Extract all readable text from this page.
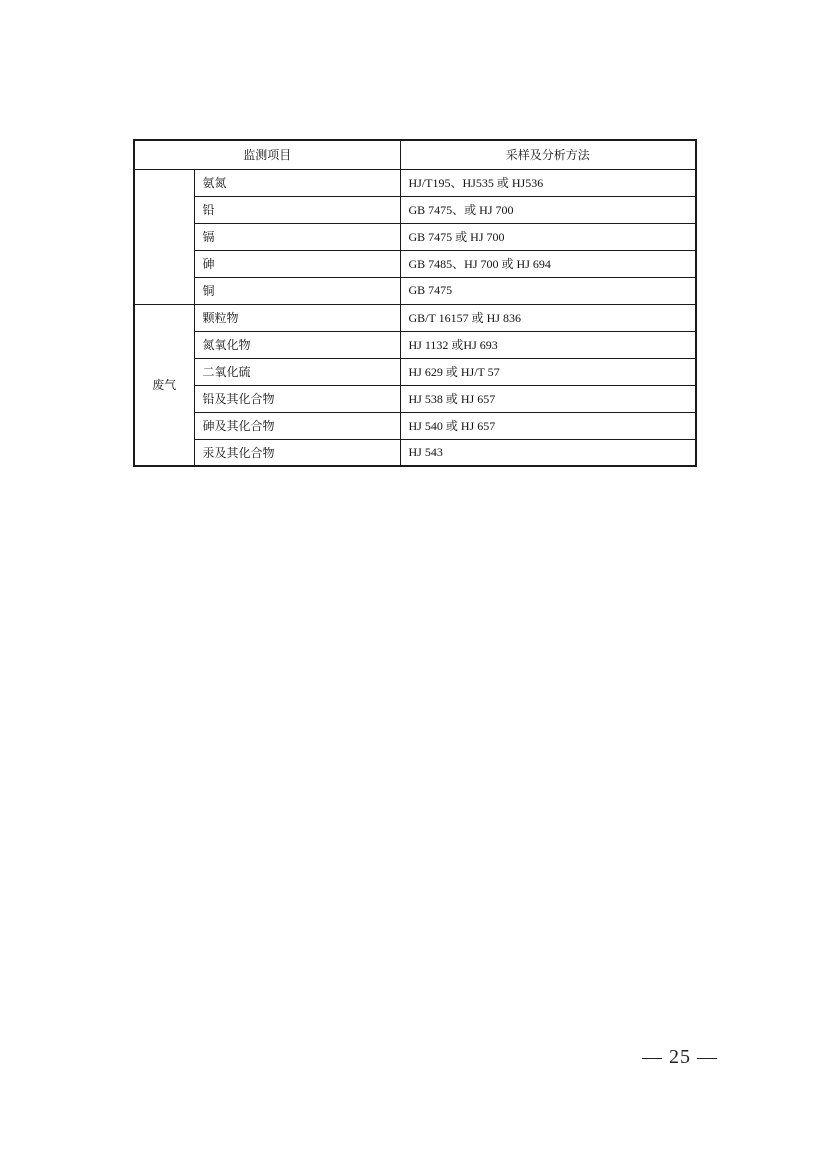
监测项目		采样及分析方法
	氨氮	HJ/T195、HJ535 或 HJ536
	铅	GB 7475、或 HJ 700
	镉	GB 7475 或 HJ 700
	砷	GB 7485、HJ 700 或 HJ 694
	铜	GB 7475
废气	颗粒物	GB/T 16157 或 HJ 836
	氮氧化物	HJ 1132 或HJ 693
	二氧化硫	HJ 629 或 HJ/T 57
	铅及其化合物	HJ 538 或 HJ 657
	砷及其化合物	HJ 540 或 HJ 657
	汞及其化合物	HJ 543
— 25 —
